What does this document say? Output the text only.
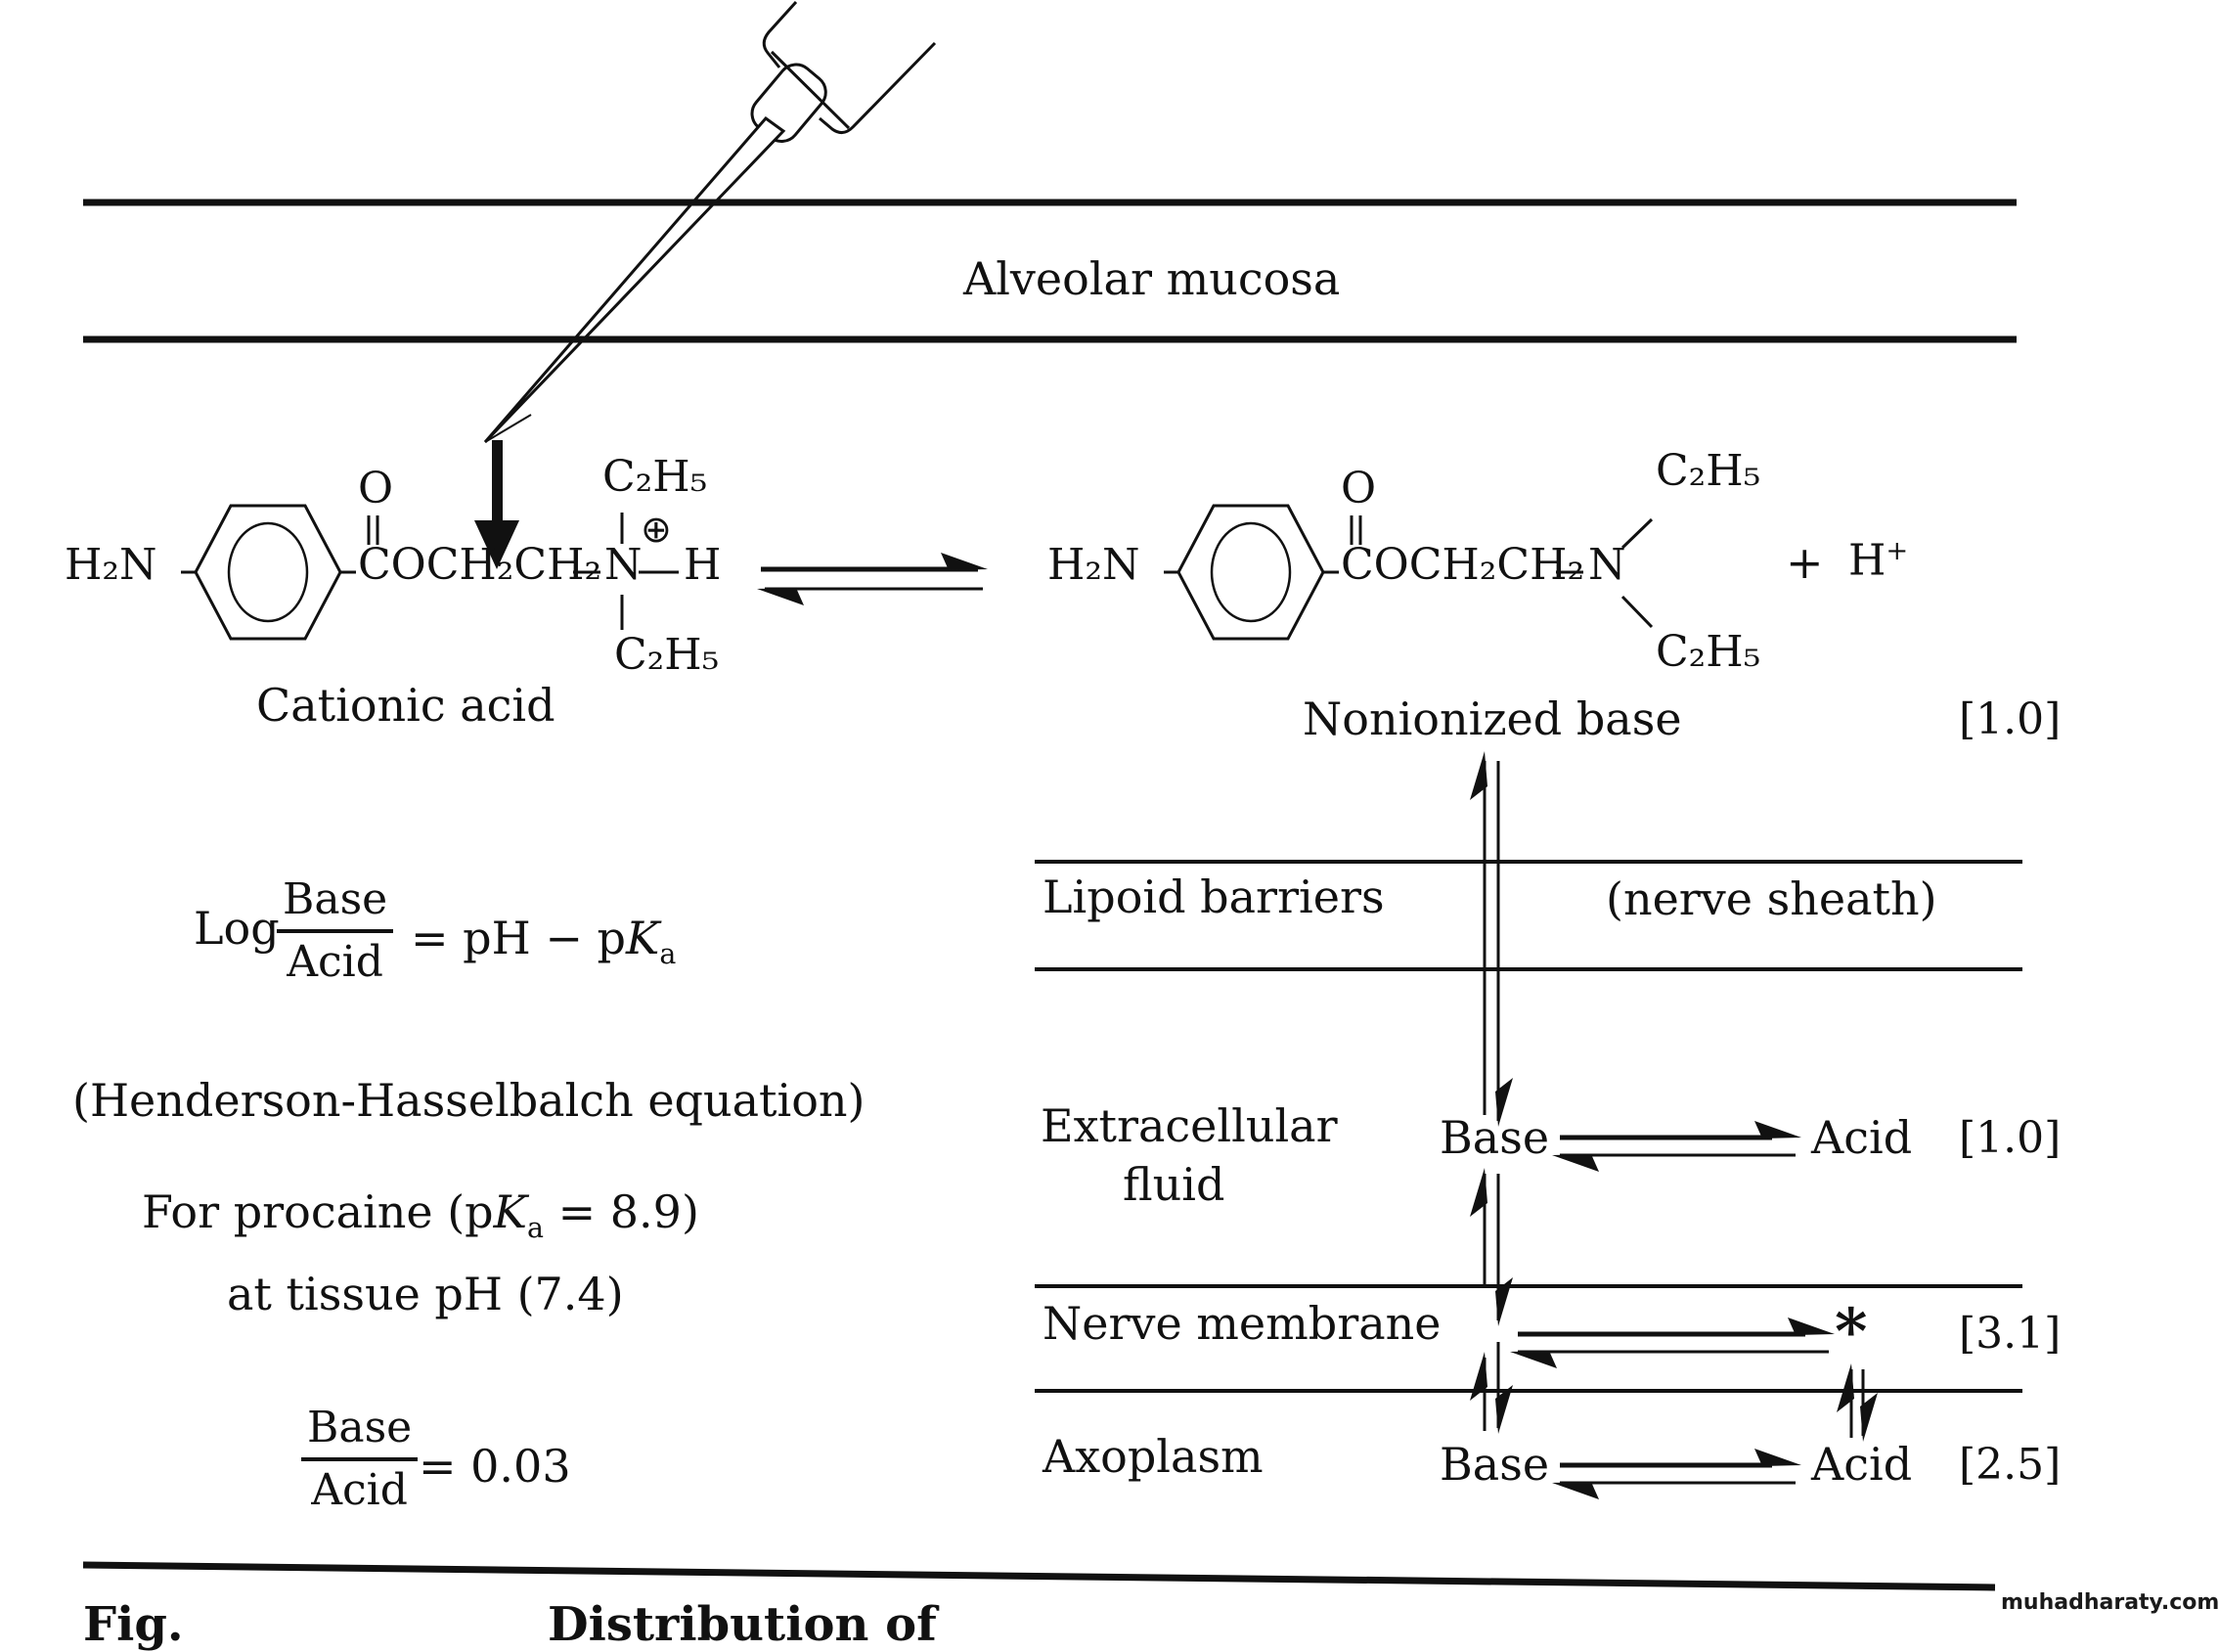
Alveolar mucosa
H₂N
O
COCH₂CH₂ N
⊕
H
C₂H₅
C₂H₅
Cationic acid
H₂N
O
COCH₂CH₂ N
C₂H₅
C₂H₅
+ H+
Nonionized base	[1.0]
Log
Base
Acid = pH − $pK_a$
(Henderson-Hasselbalch equation)
For procaine $(pK_a = 8.9)$
at tissue pH (7.4)
Base
Acid = 0.03
Lipoid barriers	(nerve sheath)
Extracellular
fluid
Base	Acid [1.0]
Nerve membrane	* [3.1]
Axoplasm	Base	Acid [2.5]
Fig.	Distribution of	muhadharaty.com
